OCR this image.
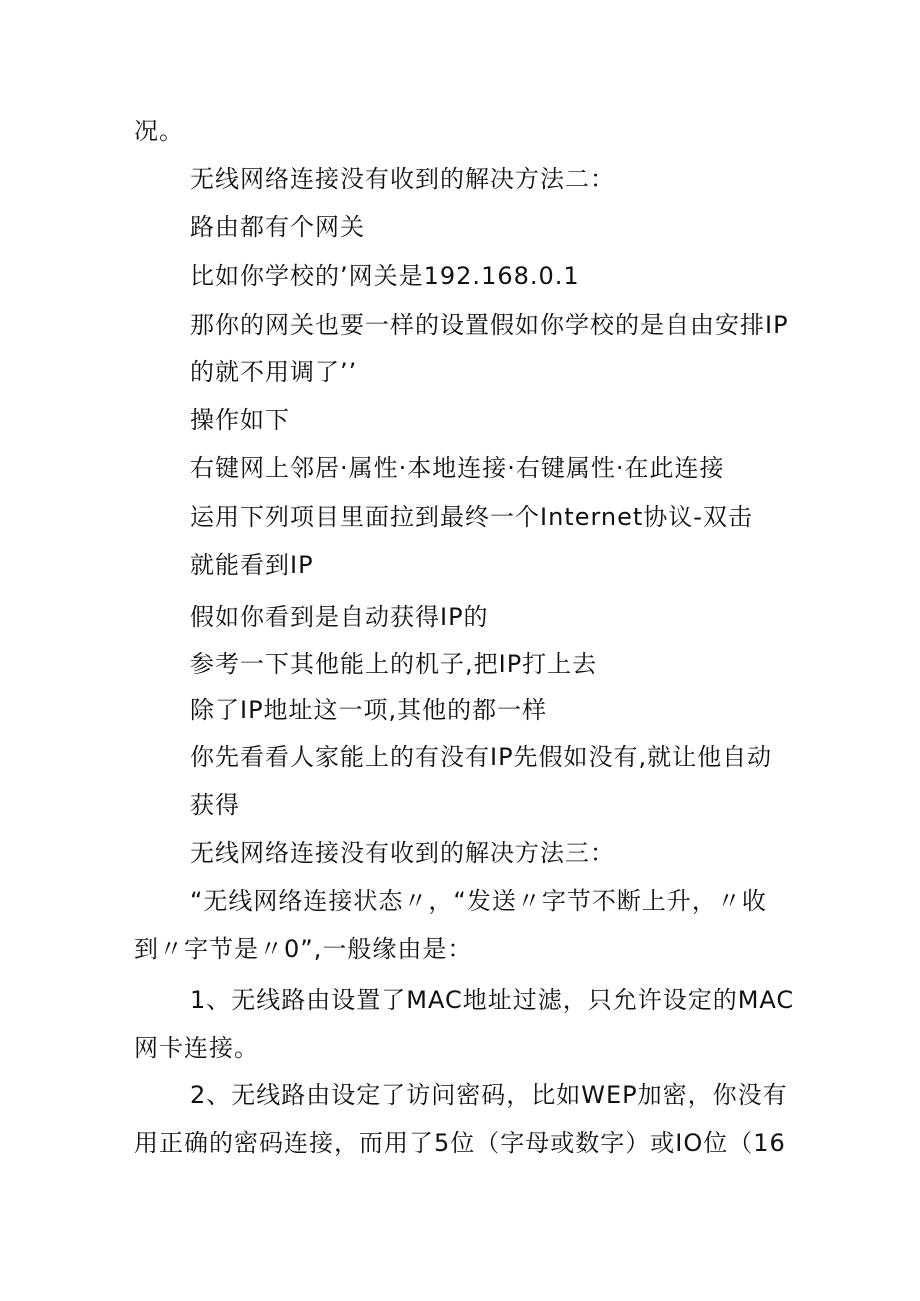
况。
无线网络连接没有收到的解决方法二：
路由都有个网关
比如你学校的’网关是192.168.0.1
那你的网关也要一样的设置假如你学校的是自由安排IP
的就不用调了’’
操作如下
右键网上邻居·属性·本地连接·右键属性·在此连接
运用下列项目里面拉到最终一个Internet协议-双击
就能看到IP
假如你看到是自动获得IP的
参考一下其他能上的机子,把IP打上去
除了IP地址这一项,其他的都一样
你先看看人家能上的有没有IP先假如没有,就让他自动
获得
无线网络连接没有收到的解决方法三：
“无线网络连接状态〃，“发送〃字节不断上升，〃收
到〃字节是〃0”,一般缘由是：
1、无线路由设置了MAC地址过滤，只允许设定的MAC
网卡连接。
2、无线路由设定了访问密码，比如WEP加密，你没有
用正确的密码连接，而用了5位（字母或数字）或IO位（16
